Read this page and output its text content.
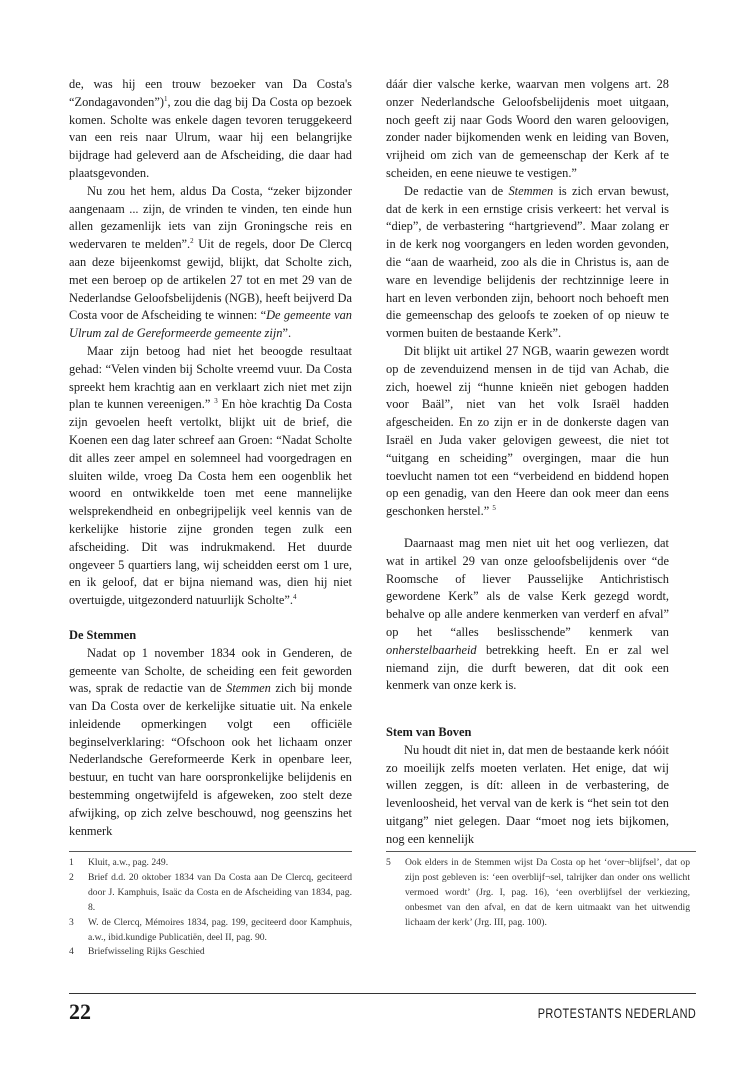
de, was hij een trouw bezoeker van Da Costa's “Zondagavonden”)$^1$, zou die dag bij Da Costa op bezoek komen. Scholte was enkele dagen tevoren teruggekeerd van een reis naar Ulrum, waar hij een belangrijke bijdrage had geleverd aan de Afscheiding, die daar had plaatsgevonden.

Nu zou het hem, aldus Da Costa, “zeker bijzonder aangenaam ... zijn, de vrinden te vinden, ten einde hun allen gezamenlijk iets van zijn Groningsche reis en wedervaren te melden”.$^2$ Uit de regels, door De Clercq aan deze bijeenkomst gewijd, blijkt, dat Scholte zich, met een beroep op de artikelen 27 tot en met 29 van de Nederlandse Geloofsbelijdenis (NGB), heeft beijverd Da Costa voor de Afscheiding te winnen: “De gemeente van Ulrum zal de Gereformeerde gemeente zijn”.

Maar zijn betoog had niet het beoogde resultaat gehad: “Velen vinden bij Scholte vreemd vuur. Da Costa spreekt hem krachtig aan en verklaart zich niet met zijn plan te kunnen vereenigen.” $^3$ En hòe krachtig Da Costa zijn gevoelen heeft vertolkt, blijkt uit de brief, die Koenen een dag later schreef aan Groen: “Nadat Scholte dit alles zeer ampel en solemneel had voorgedragen en sluiten wilde, vroeg Da Costa hem een oogenblik het woord en ontwikkelde toen met eene mannelijke welsprekendheid en onbegrijpelijk veel kennis van de kerkelijke historie zijne gronden tegen zulk een afscheiding. Dit was indrukmakend. Het duurde ongeveer 5 quartiers lang, wij scheidden eerst om 1 ure, en ik geloof, dat er bijna niemand was, dien hij niet overtuigde, uitgezonderd natuurlijk Scholte”.$^4$

De Stemmen

Nadat op 1 november 1834 ook in Genderen, de gemeente van Scholte, de scheiding een feit geworden was, sprak de redactie van de Stemmen zich bij monde van Da Costa over de kerkelijke situatie uit. Na enkele inleidende opmerkingen volgt een officiële beginselverklaring: “Ofschoon ook het lichaam onzer Nederlandsche Gereformeerde Kerk in openbare leer, bestuur, en tucht van hare oorspronkelijke belijdenis en bestemming ongetwijfeld is afgeweken, zoo stelt deze afwijking, op zich zelve beschouwd, nog geenszins het kenmerk

dáár dier valsche kerke, waarvan men volgens art. 28 onzer Nederlandsche Geloofsbelijdenis moet uitgaan, noch geeft zij naar Gods Woord den waren geloovigen, zonder nader bijkomenden wenk en leiding van Boven, vrijheid om zich van de gemeenschap der Kerk af te scheiden, en eene nieuwe te vestigen.”

De redactie van de Stemmen is zich ervan bewust, dat de kerk in een ernstige crisis verkeert: het verval is “diep”, de verbastering “hartgrievend”. Maar zolang er in de kerk nog voorgangers en leden worden gevonden, die “aan de waarheid, zoo als die in Christus is, aan de ware en levendige belijdenis der rechtzinnige leere in hart en leven verbonden zijn, behoort noch behoeft men die gemeenschap des geloofs te zoeken of op nieuw te vormen buiten de bestaande Kerk”.

Dit blijkt uit artikel 27 NGB, waarin gewezen wordt op de zevenduizend mensen in de tijd van Achab, die zich, hoewel zij “hunne knieën niet gebogen hadden voor Baäl”, niet van het volk Israël hadden afgescheiden. En zo zijn er in de donkerste dagen van Israël en Juda vaker gelovigen geweest, die niet tot “uitgang en scheiding” overgingen, maar die hun toevlucht namen tot een “verbeidend en biddend hopen op een genadig, van den Heere dan ook meer dan eens geschonken herstel.” $^5$

Daarnaast mag men niet uit het oog verliezen, dat wat in artikel 29 van onze geloofsbelijdenis over “de Roomsche of liever Pausselĳke Antichristisch gewordene Kerk” als de valse Kerk gezegd wordt, behalve op alle andere kenmerken van verderf en afval” op het “alles beslisschende” kenmerk van onherstelbaarheid betrekking heeft. En er zal wel niemand zijn, die durft beweren, dat dit ook een kenmerk van onze kerk is.

Stem van Boven

Nu houdt dit niet in, dat men de bestaande kerk nóóit zo moeilijk zelfs moeten verlaten. Het enige, dat wij willen zeggen, is dít: alleen in de verbastering, de levenloosheid, het verval van de kerk is “het sein tot den uitgang” niet gelegen. Daar “moet nog iets bijkomen, nog een kennelijk

1	Kluit, a.w., pag. 249.
2	Brief d.d. 20 oktober 1834 van Da Costa aan De Clercq, geciteerd door J. Kamphuis, Isaäc da Costa en de Afscheiding van 1834, pag. 8.
3	W. de Clercq, Mémoires 1834, pag. 199, geciteerd door Kamphuis, a.w., ibid.kundige Publicatiën, deel II, pag. 90.
4	Briefwisseling Rijks Geschied
5	Ook elders in de Stemmen wijst Da Costa op het ‘over¬blijfsel’, dat op zijn post gebleven is: ‘een overblijf¬sel, talrijker dan onder ons wellicht vermoed wordt’ (Jrg. I, pag. 16), ‘een overblijfsel der verkiezing, onbesmet van den afval, en dat de kern uitmaakt van het uitwendig lichaam der kerk’ (Jrg. III, pag. 100).
22	PROTESTANTS NEDERLAND
